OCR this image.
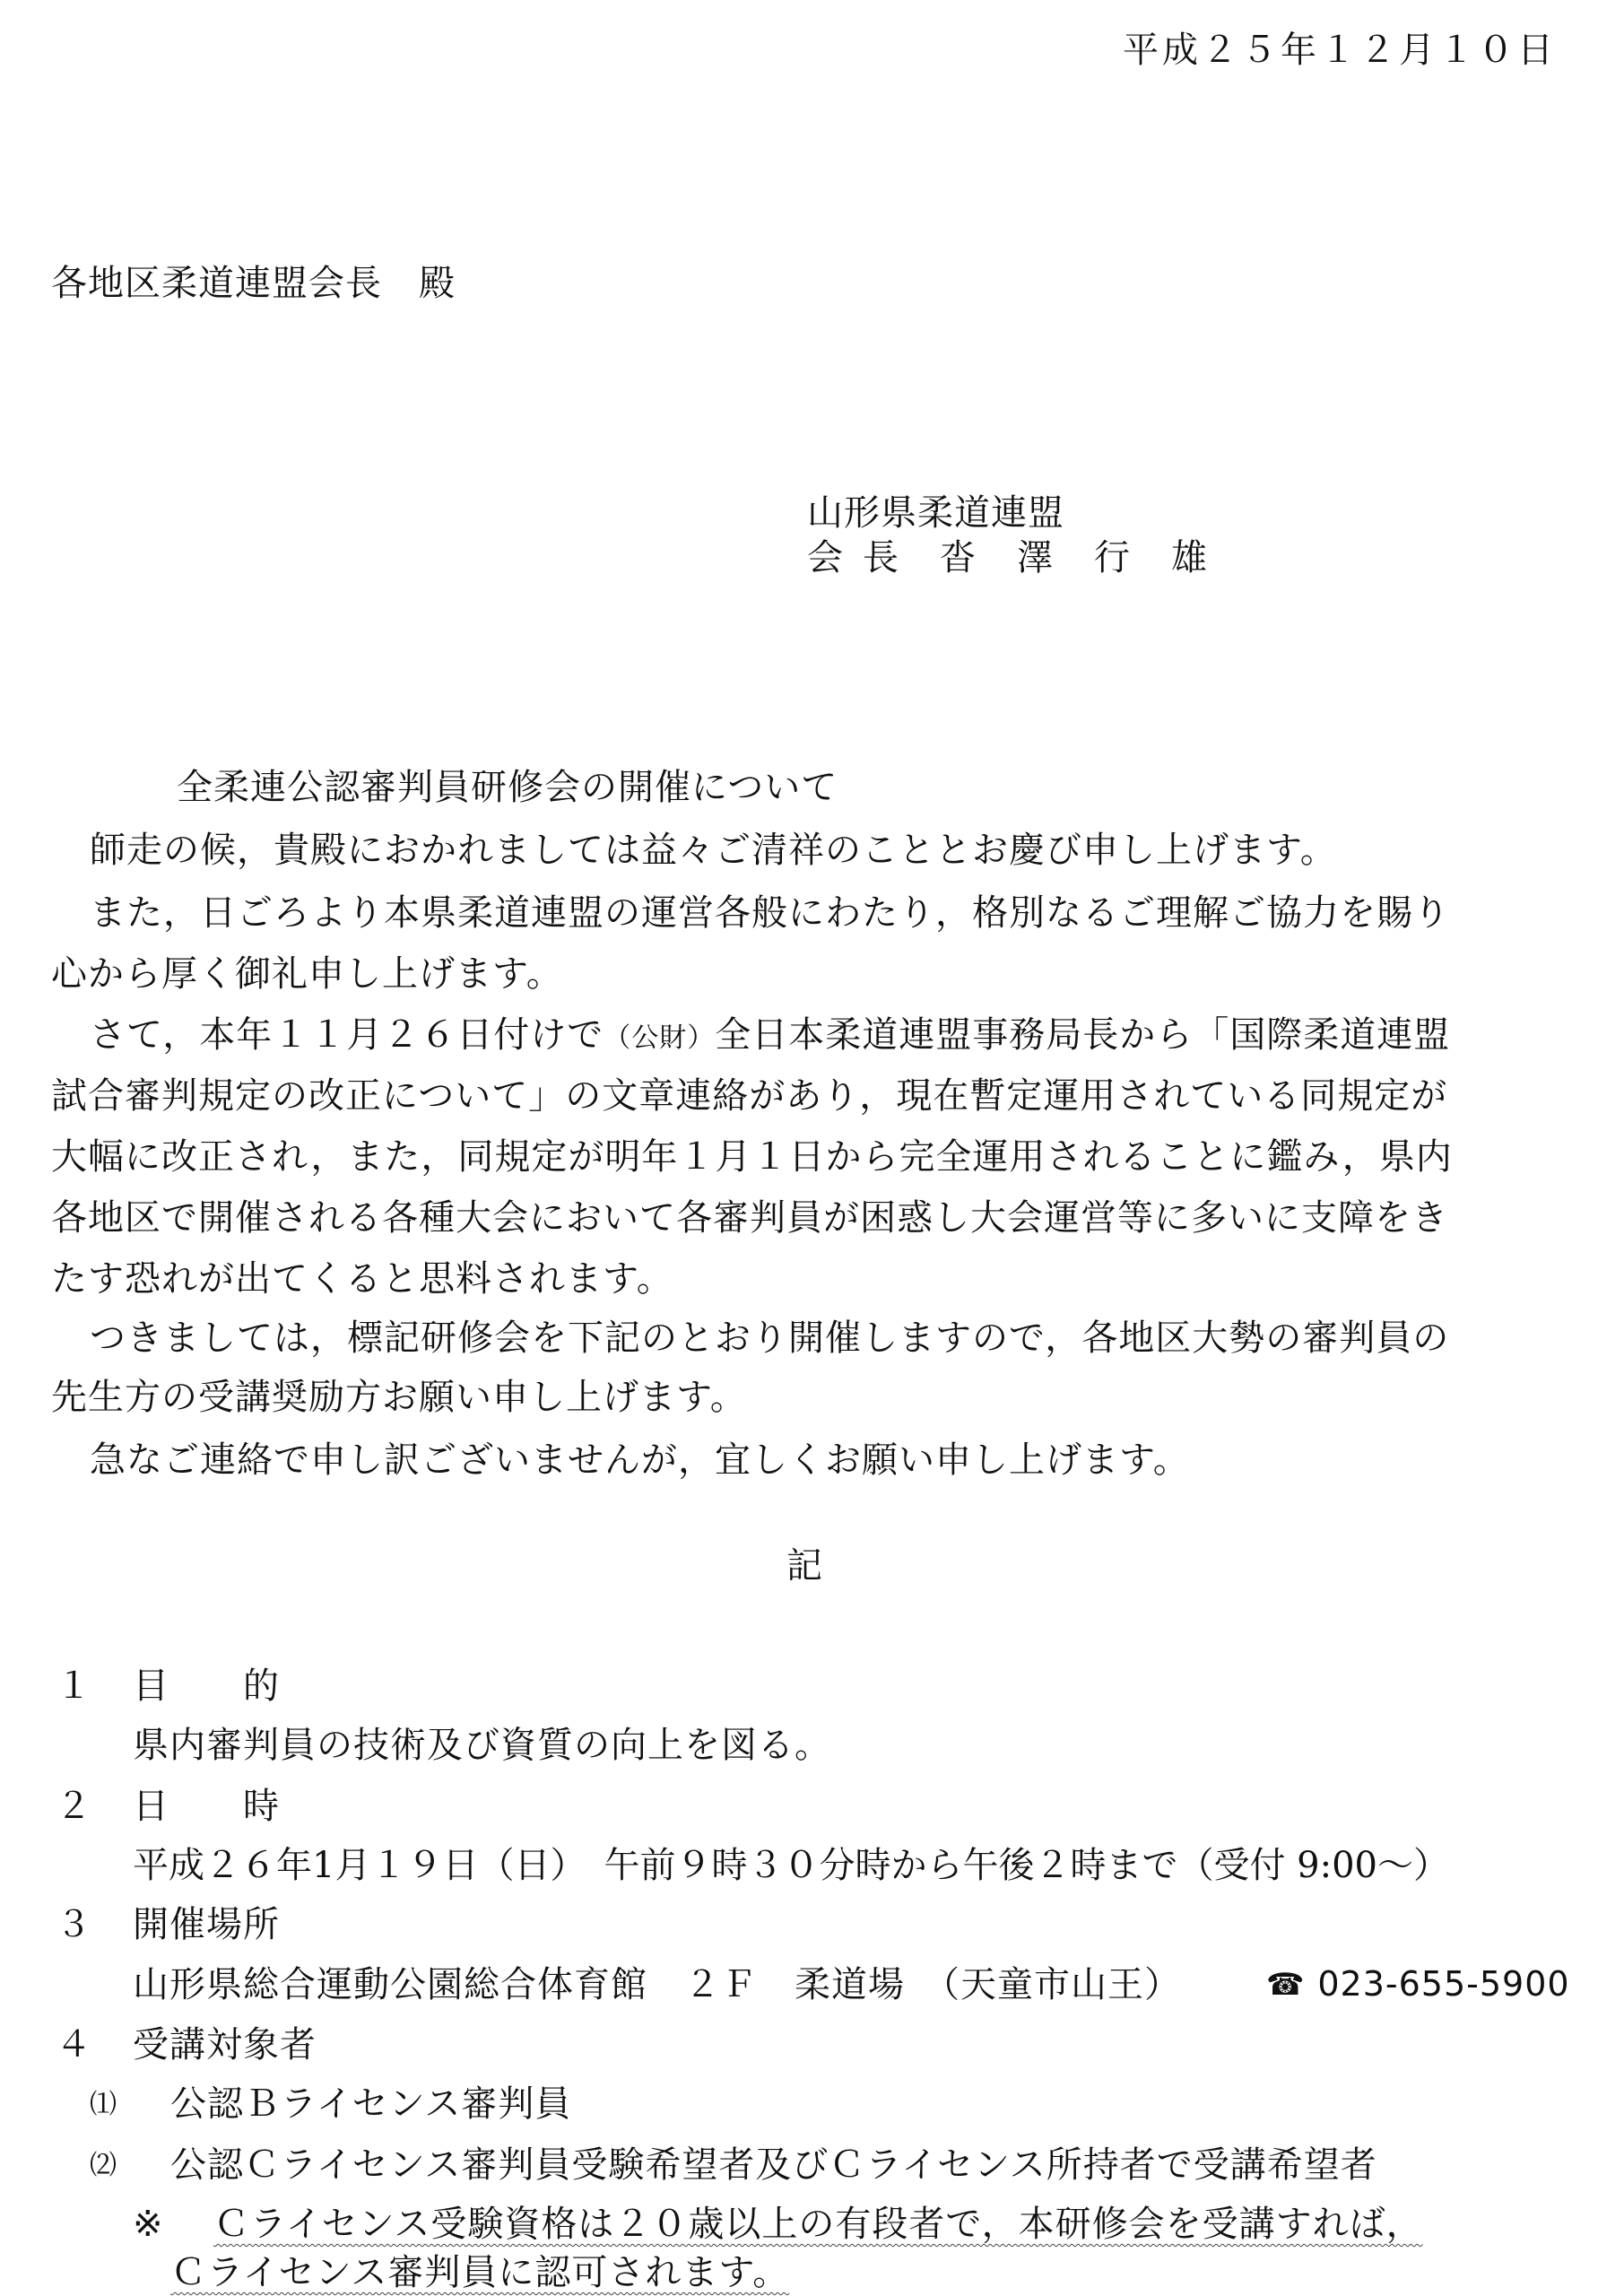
平成２５年１２月１０日
各地区柔道連盟会長　殿
山形県柔道連盟
会 長 沓 澤 行 雄
全柔連公認審判員研修会の開催について
師走の候，貴殿におかれましては益々ご清祥のこととお慶び申し上げます。
また，日ごろより本県柔道連盟の運営各般にわたり，格別なるご理解ご協力を賜り
心から厚く御礼申し上げます。
さて，本年１１月２６日付けで（公財）全日本柔道連盟事務局長から「国際柔道連盟
試合審判規定の改正について」の文章連絡があり，現在暫定運用されている同規定が
大幅に改正され，また，同規定が明年１月１日から完全運用されることに鑑み，県内
各地区で開催される各種大会において各審判員が困惑し大会運営等に多いに支障をき
たす恐れが出てくると思料されます。
つきましては，標記研修会を下記のとおり開催しますので，各地区大勢の審判員の
先生方の受講奨励方お願い申し上げます。
急なご連絡で申し訳ございませんが，宜しくお願い申し上げます。
記
１ 目　　的
県内審判員の技術及び資質の向上を図る。
２ 日　　時
平成２６年1月１９日（日）　午前９時３０分時から午後２時まで（受付 9:00～）
３ 開催場所
山形県総合運動公園総合体育館　２Ｆ　柔道場　（天童市山王）	☎ 023-655-5900
４ 受講対象者
⑴ 公認Ｂライセンス審判員
⑵ 公認Ｃライセンス審判員受験希望者及びＣライセンス所持者で受講希望者
※ Ｃライセンス受験資格は２０歳以上の有段者で，本研修会を受講すれば，
Ｃライセンス審判員に認可されます。
